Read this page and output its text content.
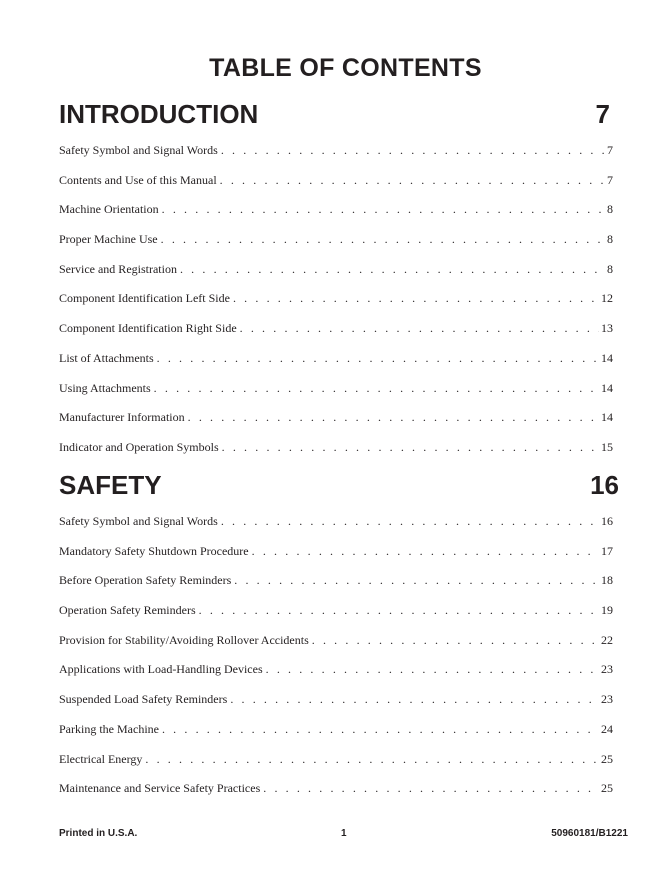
TABLE OF CONTENTS
INTRODUCTION	7
Safety Symbol and Signal Words . . .	7
Contents and Use of this Manual . . .	7
Machine Orientation . . .	8
Proper Machine Use . . .	8
Service and Registration . . .	8
Component Identification Left Side . . .	12
Component Identification Right Side . . .	13
List of Attachments . . .	14
Using Attachments . . .	14
Manufacturer Information . . .	14
Indicator and Operation Symbols . . .	15
SAFETY	16
Safety Symbol and Signal Words . . .	16
Mandatory Safety Shutdown Procedure . . .	17
Before Operation Safety Reminders . . .	18
Operation Safety Reminders . . .	19
Provision for Stability/Avoiding Rollover Accidents . . .	22
Applications with Load-Handling Devices . . .	23
Suspended Load Safety Reminders . . .	23
Parking the Machine . . .	24
Electrical Energy . . .	25
Maintenance and Service Safety Practices . . .	25
Printed in U.S.A.	1	50960181/B1221
